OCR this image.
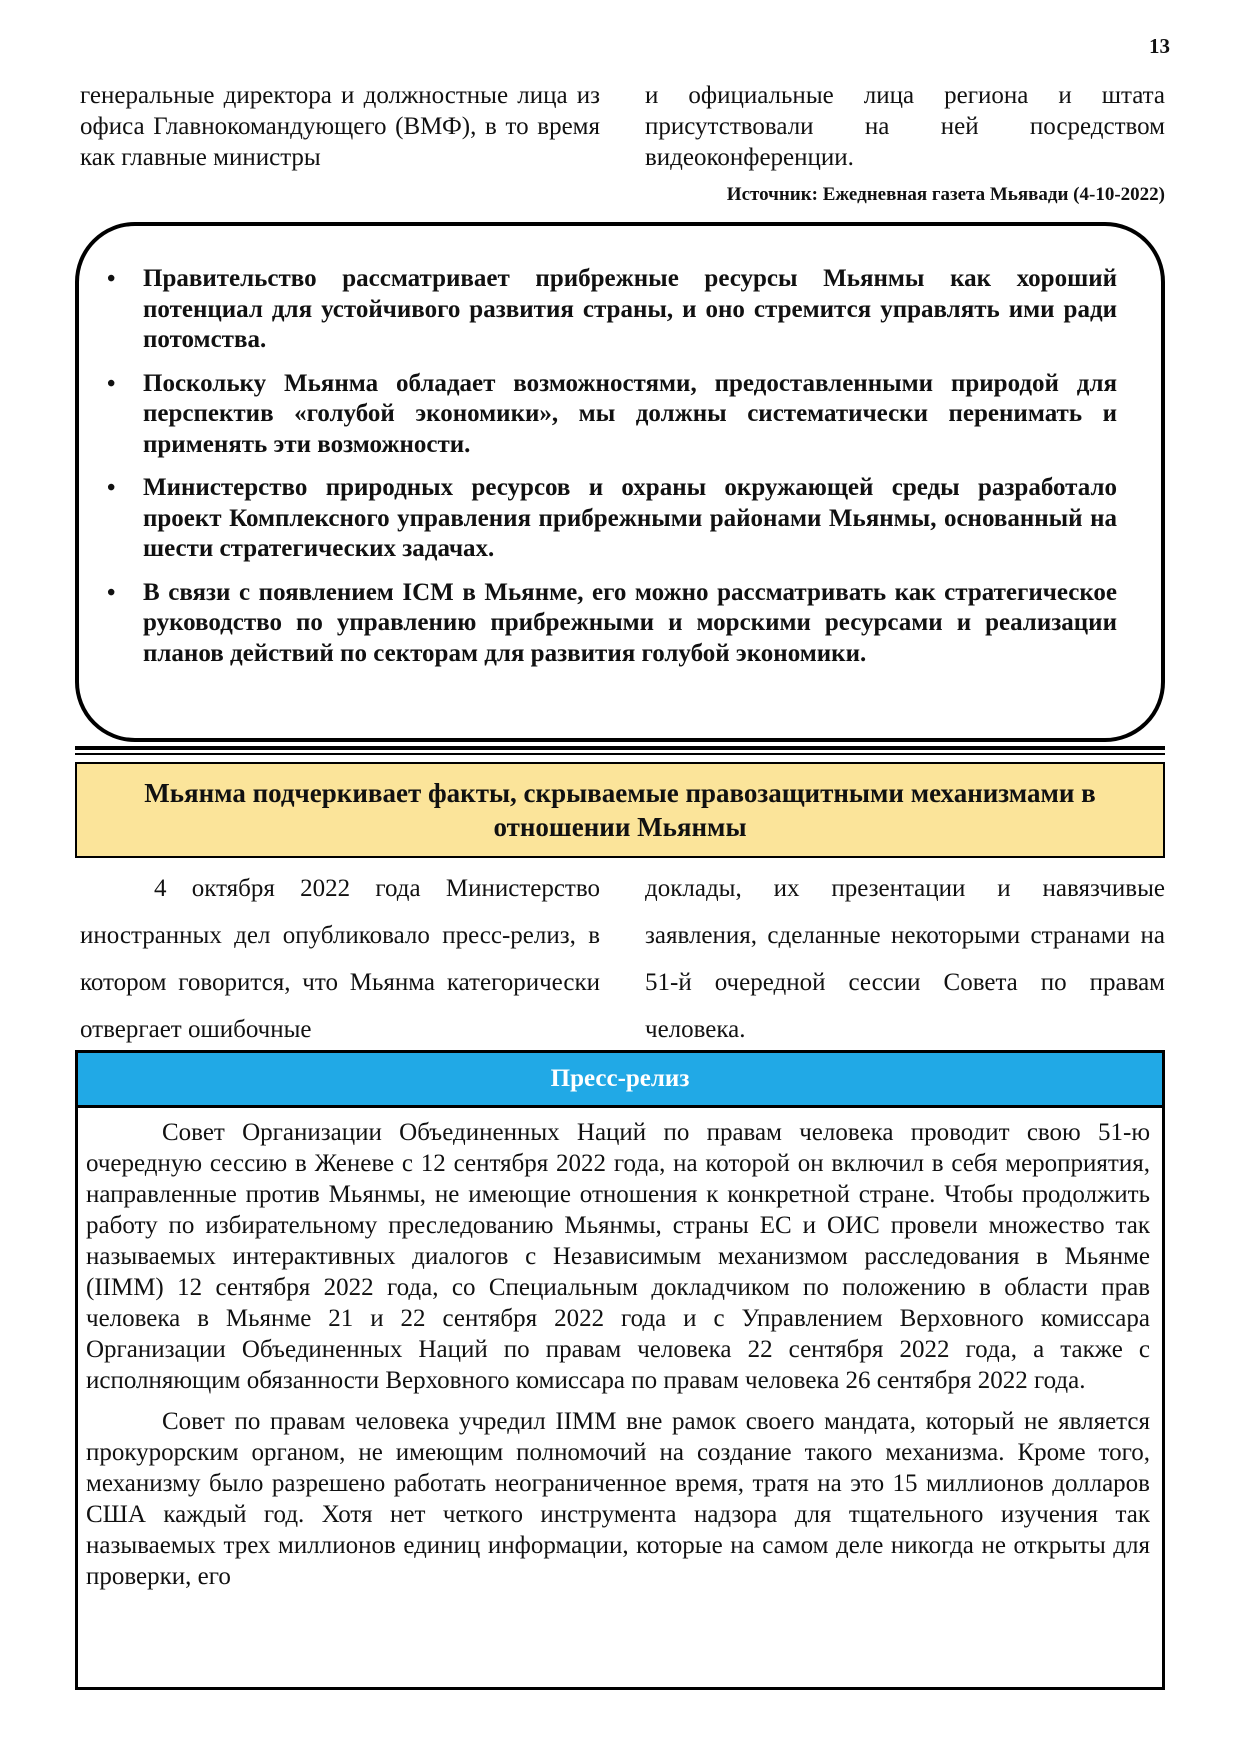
13

генеральные директора и должностные лица из офиса Главнокомандующего (ВМФ), в то время как главные министры

и официальные лица региона и штата присутствовали на ней посредством видеоконференции.

Источник: Ежедневная газета Мьявади (4-10-2022)
• Правительство рассматривает прибрежные ресурсы Мьянмы как хороший потенциал для устойчивого развития страны, и оно стремится управлять ими ради потомства.
• Поскольку Мьянма обладает возможностями, предоставленными природой для перспектив «голубой экономики», мы должны систематически перенимать и применять эти возможности.
• Министерство природных ресурсов и охраны окружающей среды разработало проект Комплексного управления прибрежными районами Мьянмы, основанный на шести стратегических задачах.
• В связи с появлением ICM в Мьянме, его можно рассматривать как стратегическое руководство по управлению прибрежными и морскими ресурсами и реализации планов действий по секторам для развития голубой экономики.
Мьянма подчеркивает факты, скрываемые правозащитными механизмами в отношении Мьянмы

4 октября 2022 года Министерство иностранных дел опубликовало пресс-релиз, в котором говорится, что Мьянма категорически отвергает ошибочные

доклады, их презентации и навязчивые заявления, сделанные некоторыми странами на 51-й очередной сессии Совета по правам человека.

Пресс-релиз

Совет Организации Объединенных Наций по правам человека проводит свою 51-ю очередную сессию в Женеве с 12 сентября 2022 года, на которой он включил в себя мероприятия, направленные против Мьянмы, не имеющие отношения к конкретной стране. Чтобы продолжить работу по избирательному преследованию Мьянмы, страны ЕС и ОИС провели множество так называемых интерактивных диалогов с Независимым механизмом расследования в Мьянме (IIMM) 12 сентября 2022 года, со Специальным докладчиком по положению в области прав человека в Мьянме 21 и 22 сентября 2022 года и с Управлением Верховного комиссара Организации Объединенных Наций по правам человека 22 сентября 2022 года, а также с исполняющим обязанности Верховного комиссара по правам человека 26 сентября 2022 года.

Совет по правам человека учредил IIMM вне рамок своего мандата, который не является прокурорским органом, не имеющим полномочий на создание такого механизма. Кроме того, механизму было разрешено работать неограниченное время, тратя на это 15 миллионов долларов США каждый год. Хотя нет четкого инструмента надзора для тщательного изучения так называемых трех миллионов единиц информации, которые на самом деле никогда не открыты для проверки, его
